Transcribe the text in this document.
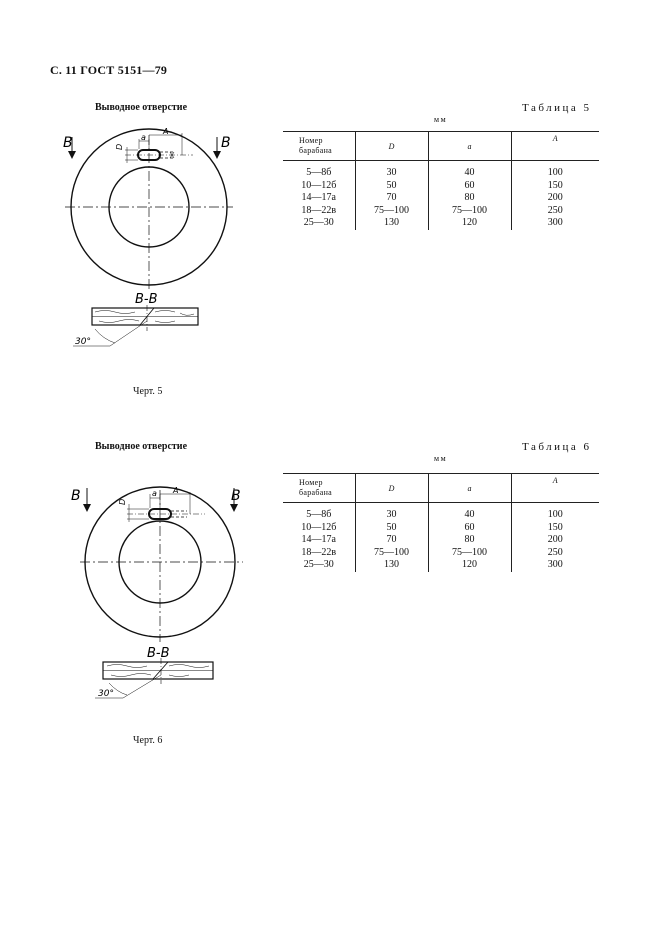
С. 11 ГОСТ 5151—79
Выводное отверстие	Таблица 5
мм
Номер барабана	D	a	A
5—8б	30	40	100
10—12б	50	60	150
14—17а	70	80	200
18—22в	75—100	75—100	250
25—30	130	120	300
D
a
A
В	В
В-В
30°
Черт. 5
Выводное отверстие	Таблица 6
мм
Номер барабана	D	a	A
5—8б	30	40	100
10—12б	50	60	150
14—17а	70	80	200
18—22в	75—100	75—100	250
25—30	130	120	300
D
a A
В	В
В-В
30°
Черт. 6
